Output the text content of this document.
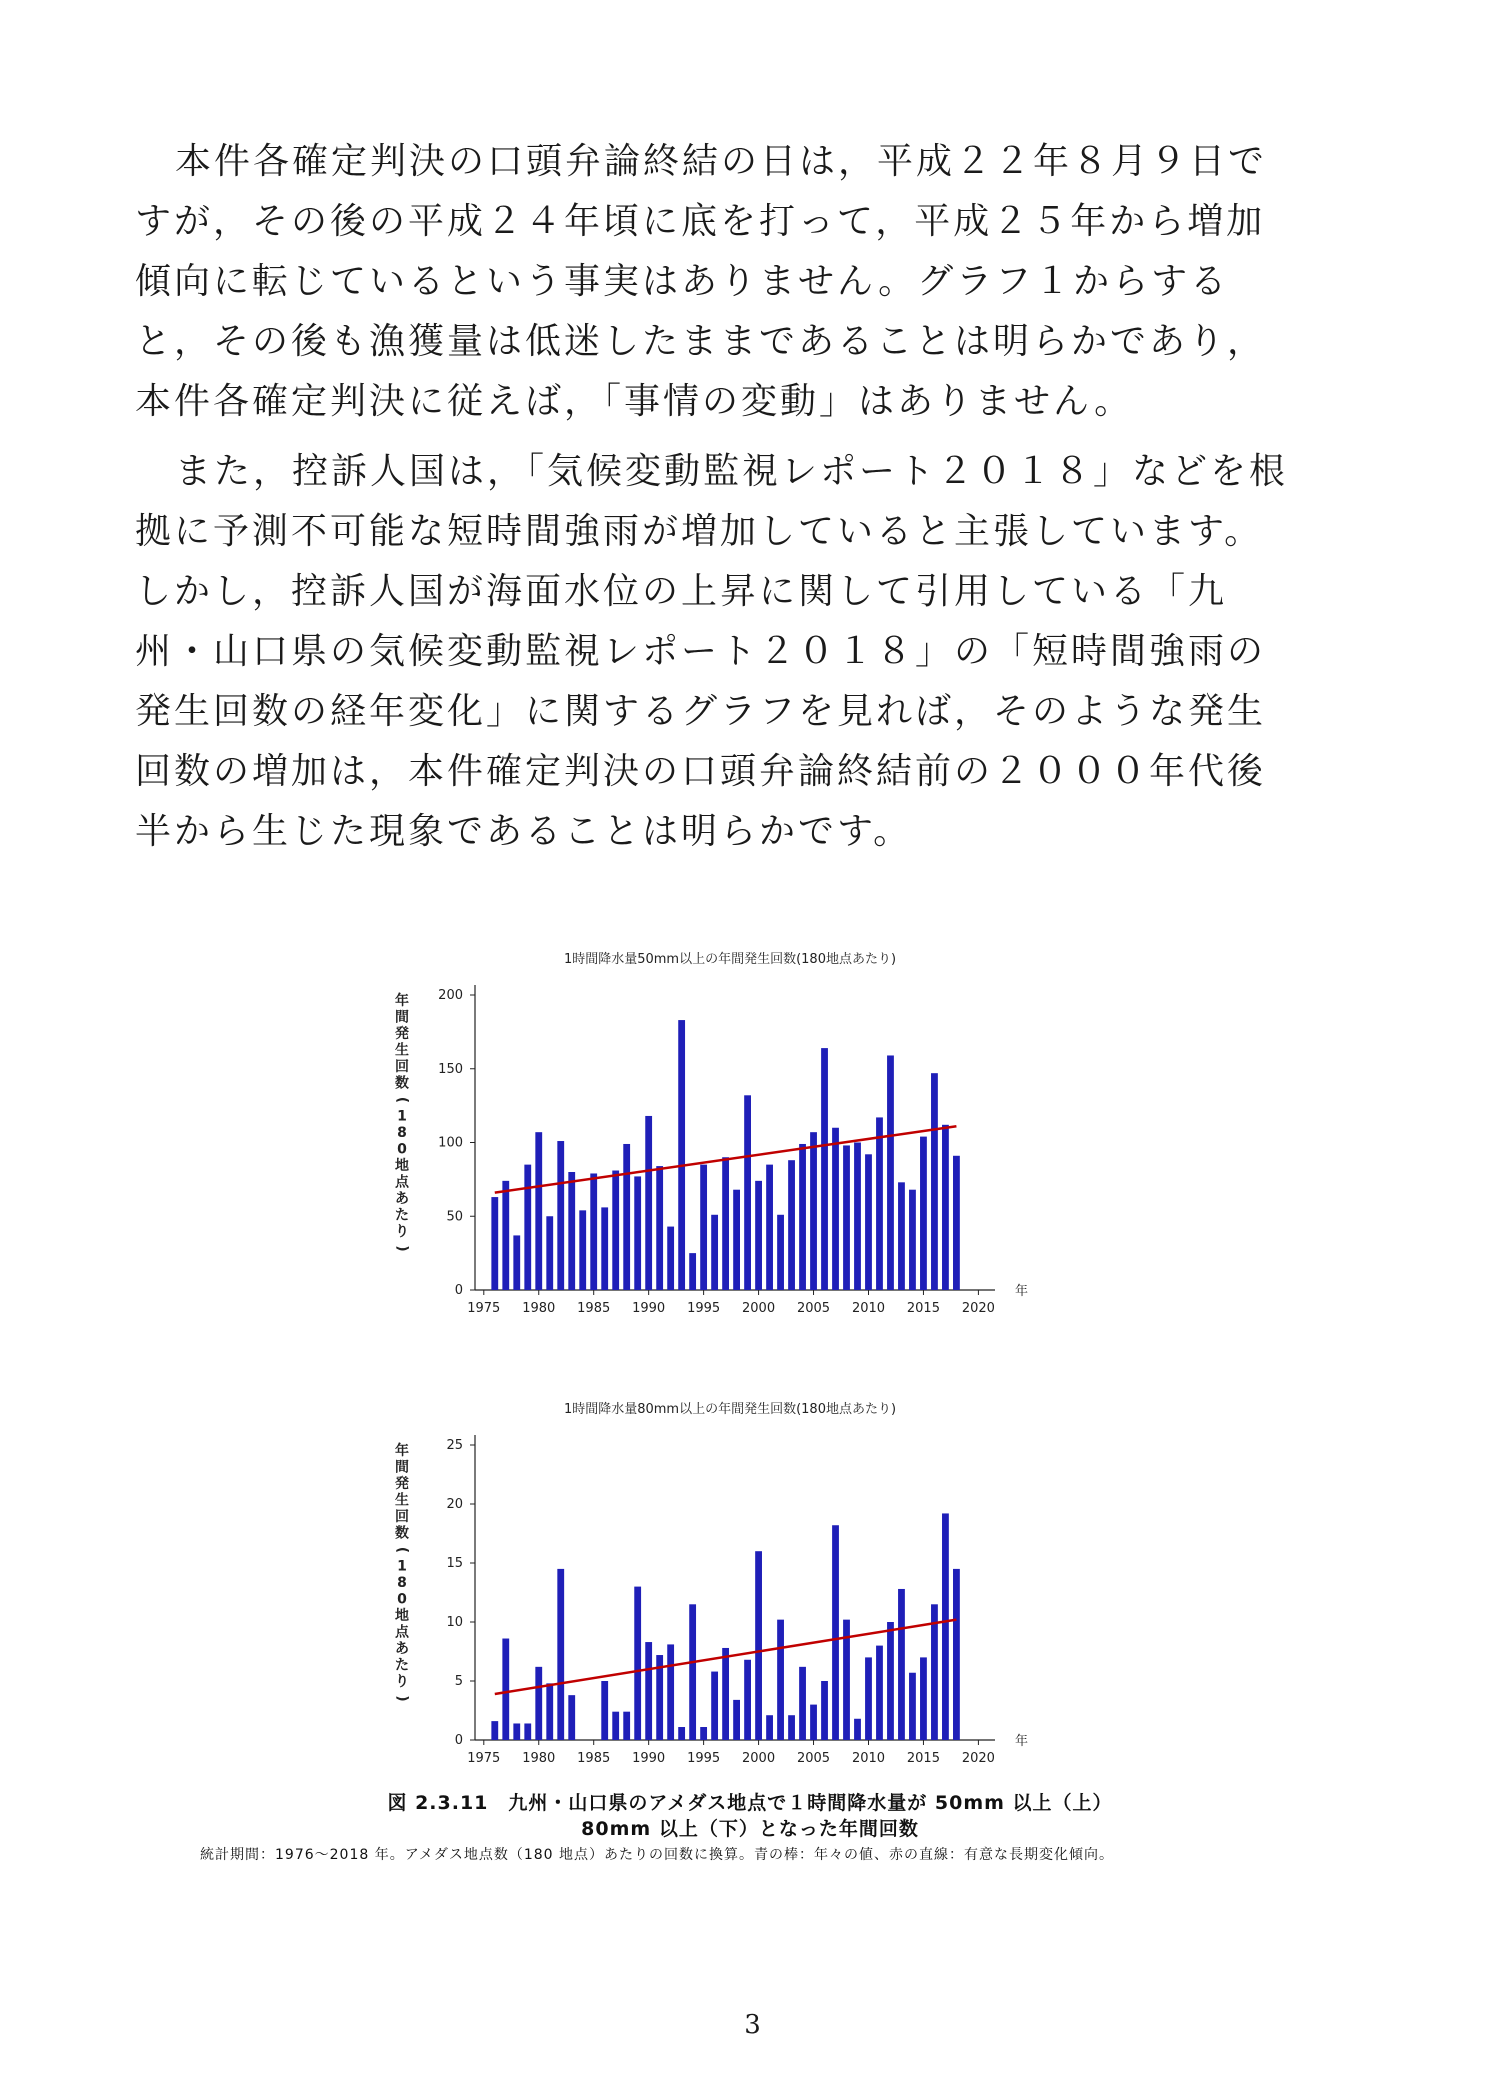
本件各確定判決の口頭弁論終結の日は，平成２２年８月９日ですが，その後の平成２４年頃に底を打って，平成２５年から増加傾向に転じているという事実はありません。グラフ１からすると，その後も漁獲量は低迷したままであることは明らかであり，本件各確定判決に従えば，「事情の変動」はありません。

また，控訴人国は，「気候変動監視レポート２０１８」などを根拠に予測不可能な短時間強雨が増加していると主張しています。しかし，控訴人国が海面水位の上昇に関して引用している「九州・山口県の気候変動監視レポート２０１８」の「短時間強雨の発生回数の経年変化」に関するグラフを見れば，そのような発生回数の増加は，本件確定判決の口頭弁論終結前の２０００年代後半から生じた現象であることは明らかです。

1時間降水量50mm以上の年間発生回数(180地点あたり)
年
間
発
生
回
数
(
1
8
0
地
点
あ
た
り
)
0
50
100
150
200
1975 1980 1985 1990 1995 2000 2005 2010 2015 2020
年
1時間降水量80mm以上の年間発生回数(180地点あたり)
年
間
発
生
回
数
(
1
8
0
地
点
あ
た
り
)
0
5
10
15
20
25
1975 1980 1985 1990 1995 2000 2005 2010 2015 2020
年
図 2.3.11　九州・山口県のアメダス地点で１時間降水量が 50mm 以上（上）
80mm 以上（下）となった年間回数
統計期間：1976～2018 年。アメダス地点数（180 地点）あたりの回数に換算。青の棒：年々の値、赤の直線：有意な長期変化傾向。
3
